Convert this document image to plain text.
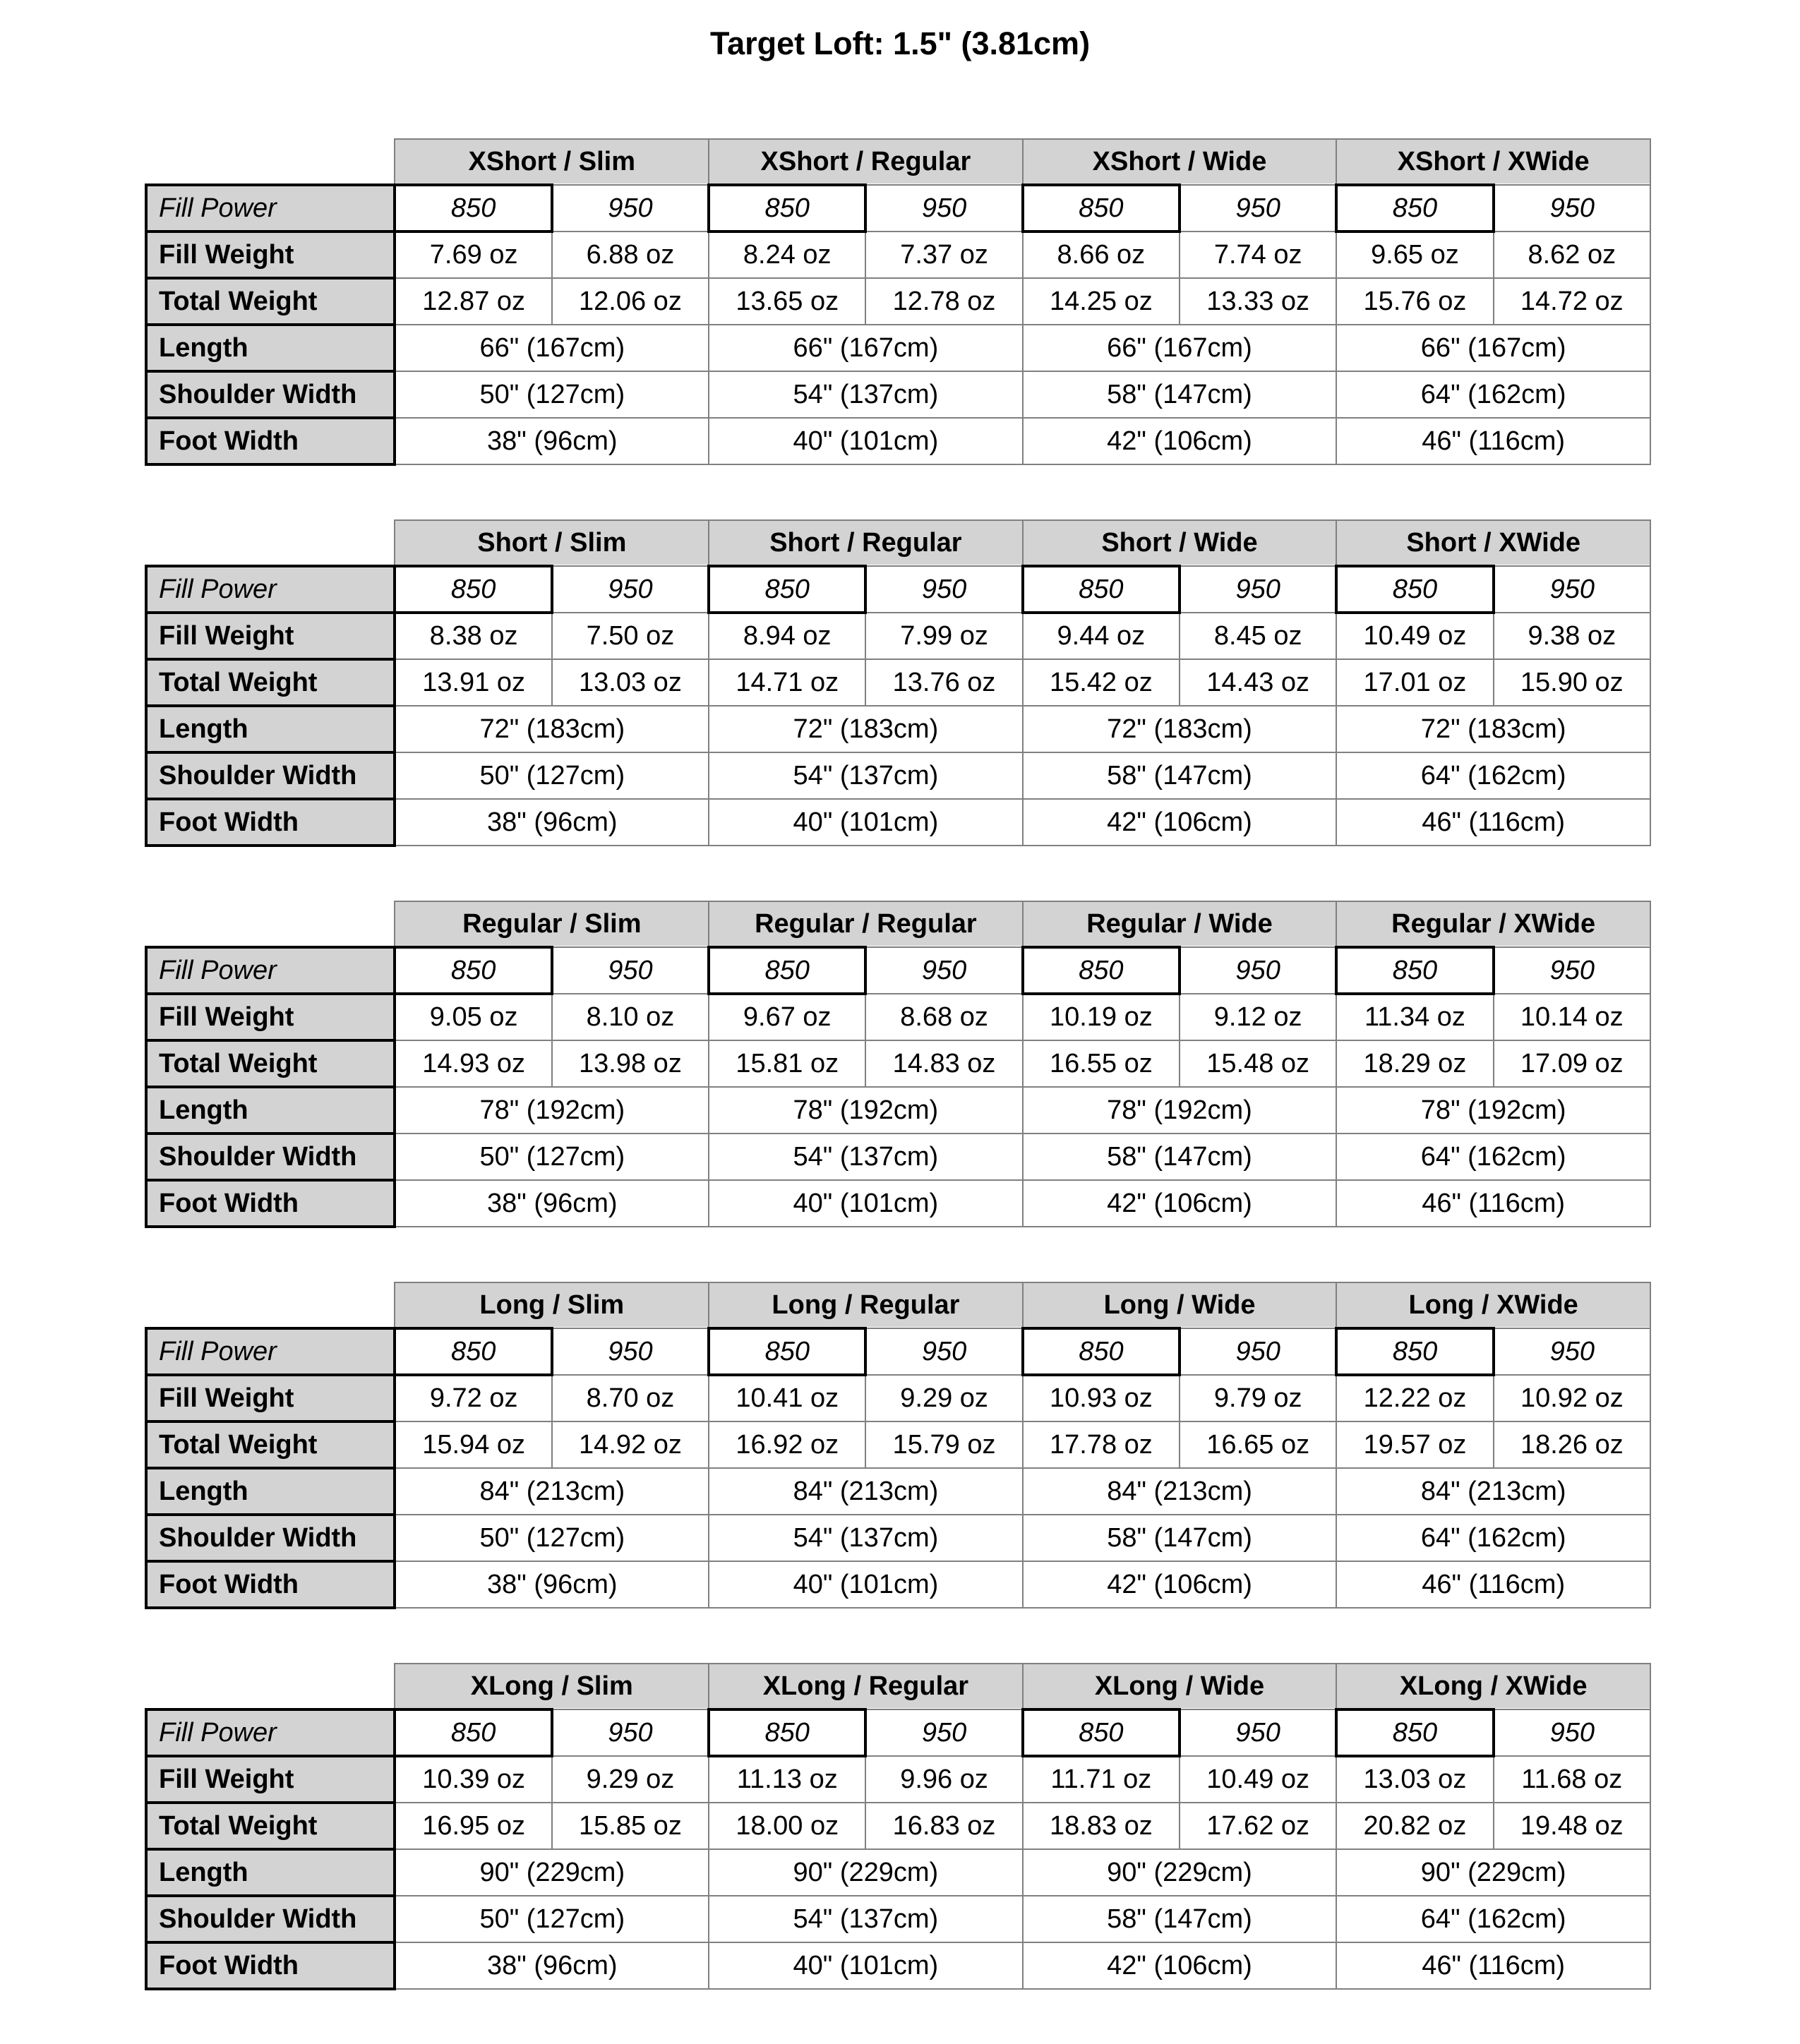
Target Loft: 1.5" (3.81cm)
	XShort / Slim		XShort / Regular		XShort / Wide		XShort / XWide	
Fill Power	850	950	850	950	850	950	850	950
Fill Weight	7.69 oz	6.88 oz	8.24 oz	7.37 oz	8.66 oz	7.74 oz	9.65 oz	8.62 oz
Total Weight	12.87 oz	12.06 oz	13.65 oz	12.78 oz	14.25 oz	13.33 oz	15.76 oz	14.72 oz
Length	66" (167cm)		66" (167cm)		66" (167cm)		66" (167cm)	
Shoulder Width	50" (127cm)		54" (137cm)		58" (147cm)		64" (162cm)	
Foot Width	38" (96cm)		40" (101cm)		42" (106cm)		46" (116cm)	
	Short / Slim		Short / Regular		Short / Wide		Short / XWide	
Fill Power	850	950	850	950	850	950	850	950
Fill Weight	8.38 oz	7.50 oz	8.94 oz	7.99 oz	9.44 oz	8.45 oz	10.49 oz	9.38 oz
Total Weight	13.91 oz	13.03 oz	14.71 oz	13.76 oz	15.42 oz	14.43 oz	17.01 oz	15.90 oz
Length	72" (183cm)		72" (183cm)		72" (183cm)		72" (183cm)	
Shoulder Width	50" (127cm)		54" (137cm)		58" (147cm)		64" (162cm)	
Foot Width	38" (96cm)		40" (101cm)		42" (106cm)		46" (116cm)	
	Regular / Slim		Regular / Regular		Regular / Wide		Regular / XWide	
Fill Power	850	950	850	950	850	950	850	950
Fill Weight	9.05 oz	8.10 oz	9.67 oz	8.68 oz	10.19 oz	9.12 oz	11.34 oz	10.14 oz
Total Weight	14.93 oz	13.98 oz	15.81 oz	14.83 oz	16.55 oz	15.48 oz	18.29 oz	17.09 oz
Length	78" (192cm)		78" (192cm)		78" (192cm)		78" (192cm)	
Shoulder Width	50" (127cm)		54" (137cm)		58" (147cm)		64" (162cm)	
Foot Width	38" (96cm)		40" (101cm)		42" (106cm)		46" (116cm)	
	Long / Slim		Long / Regular		Long / Wide		Long / XWide	
Fill Power	850	950	850	950	850	950	850	950
Fill Weight	9.72 oz	8.70 oz	10.41 oz	9.29 oz	10.93 oz	9.79 oz	12.22 oz	10.92 oz
Total Weight	15.94 oz	14.92 oz	16.92 oz	15.79 oz	17.78 oz	16.65 oz	19.57 oz	18.26 oz
Length	84" (213cm)		84" (213cm)		84" (213cm)		84" (213cm)	
Shoulder Width	50" (127cm)		54" (137cm)		58" (147cm)		64" (162cm)	
Foot Width	38" (96cm)		40" (101cm)		42" (106cm)		46" (116cm)	
	XLong / Slim		XLong / Regular		XLong / Wide		XLong / XWide	
Fill Power	850	950	850	950	850	950	850	950
Fill Weight	10.39 oz	9.29 oz	11.13 oz	9.96 oz	11.71 oz	10.49 oz	13.03 oz	11.68 oz
Total Weight	16.95 oz	15.85 oz	18.00 oz	16.83 oz	18.83 oz	17.62 oz	20.82 oz	19.48 oz
Length	90" (229cm)		90" (229cm)		90" (229cm)		90" (229cm)	
Shoulder Width	50" (127cm)		54" (137cm)		58" (147cm)		64" (162cm)	
Foot Width	38" (96cm)		40" (101cm)		42" (106cm)		46" (116cm)	
